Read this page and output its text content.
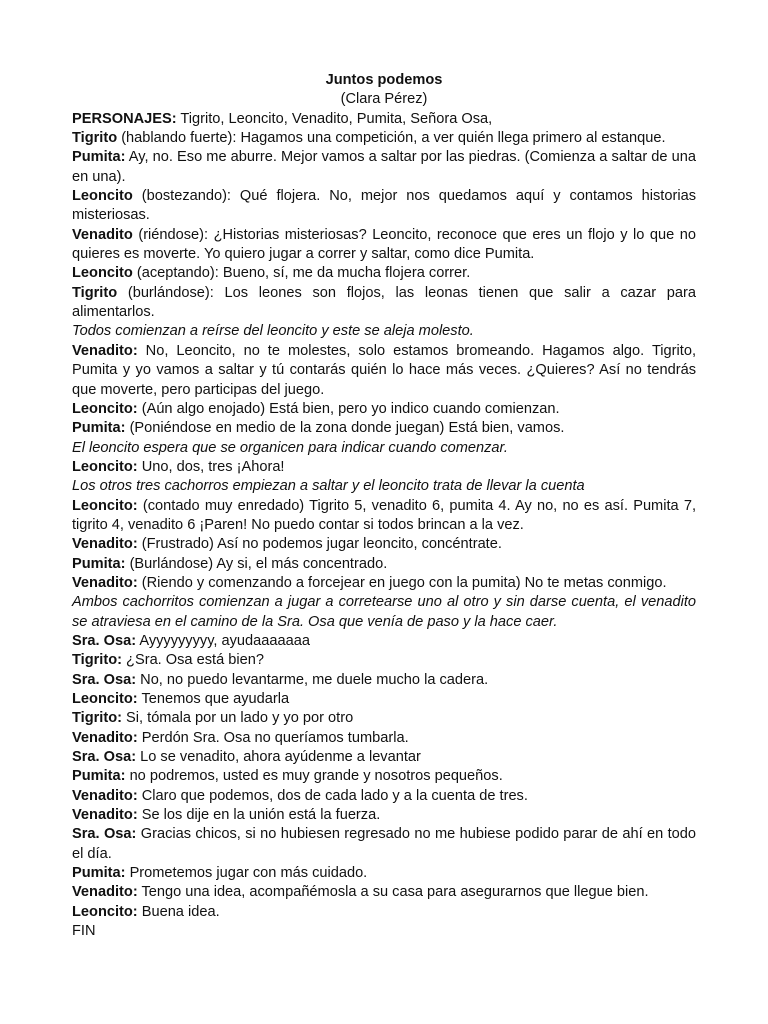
Juntos podemos

(Clara Pérez)

PERSONAJES: Tigrito, Leoncito, Venadito, Pumita, Señora Osa,

Tigrito (hablando fuerte): Hagamos una competición, a ver quién llega primero al estanque.

Pumita: Ay, no. Eso me aburre. Mejor vamos a saltar por las piedras. (Comienza a saltar de una en una).

Leoncito (bostezando): Qué flojera. No, mejor nos quedamos aquí y contamos historias misteriosas.

Venadito (riéndose): ¿Historias misteriosas? Leoncito, reconoce que eres un flojo y lo que no quieres es moverte. Yo quiero jugar a correr y saltar, como dice Pumita.

Leoncito (aceptando): Bueno, sí, me da mucha flojera correr.

Tigrito (burlándose): Los leones son flojos, las leonas tienen que salir a cazar para alimentarlos.

Todos comienzan a reírse del leoncito y este se aleja molesto.

Venadito: No, Leoncito, no te molestes, solo estamos bromeando. Hagamos algo. Tigrito, Pumita y yo vamos a saltar y tú contarás quién lo hace más veces. ¿Quieres? Así no tendrás que moverte, pero participas del juego.

Leoncito: (Aún algo enojado) Está bien, pero yo indico cuando comienzan.

Pumita: (Poniéndose en medio de la zona donde juegan) Está bien, vamos.

El leoncito espera que se organicen para indicar cuando comenzar.

Leoncito: Uno, dos, tres ¡Ahora!

Los otros tres cachorros empiezan a saltar y el leoncito trata de llevar la cuenta

Leoncito: (contado muy enredado) Tigrito 5, venadito 6, pumita 4. Ay no, no es así. Pumita 7, tigrito 4, venadito 6 ¡Paren! No puedo contar si todos brincan a la vez.

Venadito: (Frustrado) Así no podemos jugar leoncito, concéntrate.

Pumita: (Burlándose) Ay si, el más concentrado.

Venadito: (Riendo y comenzando a forcejear en juego con la pumita) No te metas conmigo.

Ambos cachorritos comienzan a jugar a corretearse uno al otro y sin darse cuenta, el venadito se atraviesa en el camino de la Sra. Osa que venía de paso y la hace caer.

Sra. Osa: Ayyyyyyyyy, ayudaaaaaaa

Tigrito: ¿Sra. Osa está bien?

Sra. Osa: No, no puedo levantarme, me duele mucho la cadera.

Leoncito: Tenemos que ayudarla

Tigrito: Si, tómala por un lado y yo por otro

Venadito: Perdón Sra. Osa no queríamos tumbarla.

Sra. Osa: Lo se venadito, ahora ayúdenme a levantar

Pumita: no podremos, usted es muy grande y nosotros pequeños.

Venadito: Claro que podemos, dos de cada lado y a la cuenta de tres.

Venadito: Se los dije en la unión está la fuerza.

Sra. Osa: Gracias chicos, si no hubiesen regresado no me hubiese podido parar de ahí en todo el día.

Pumita: Prometemos jugar con más cuidado.

Venadito: Tengo una idea, acompañémosla a su casa para asegurarnos que llegue bien.

Leoncito: Buena idea.

FIN
